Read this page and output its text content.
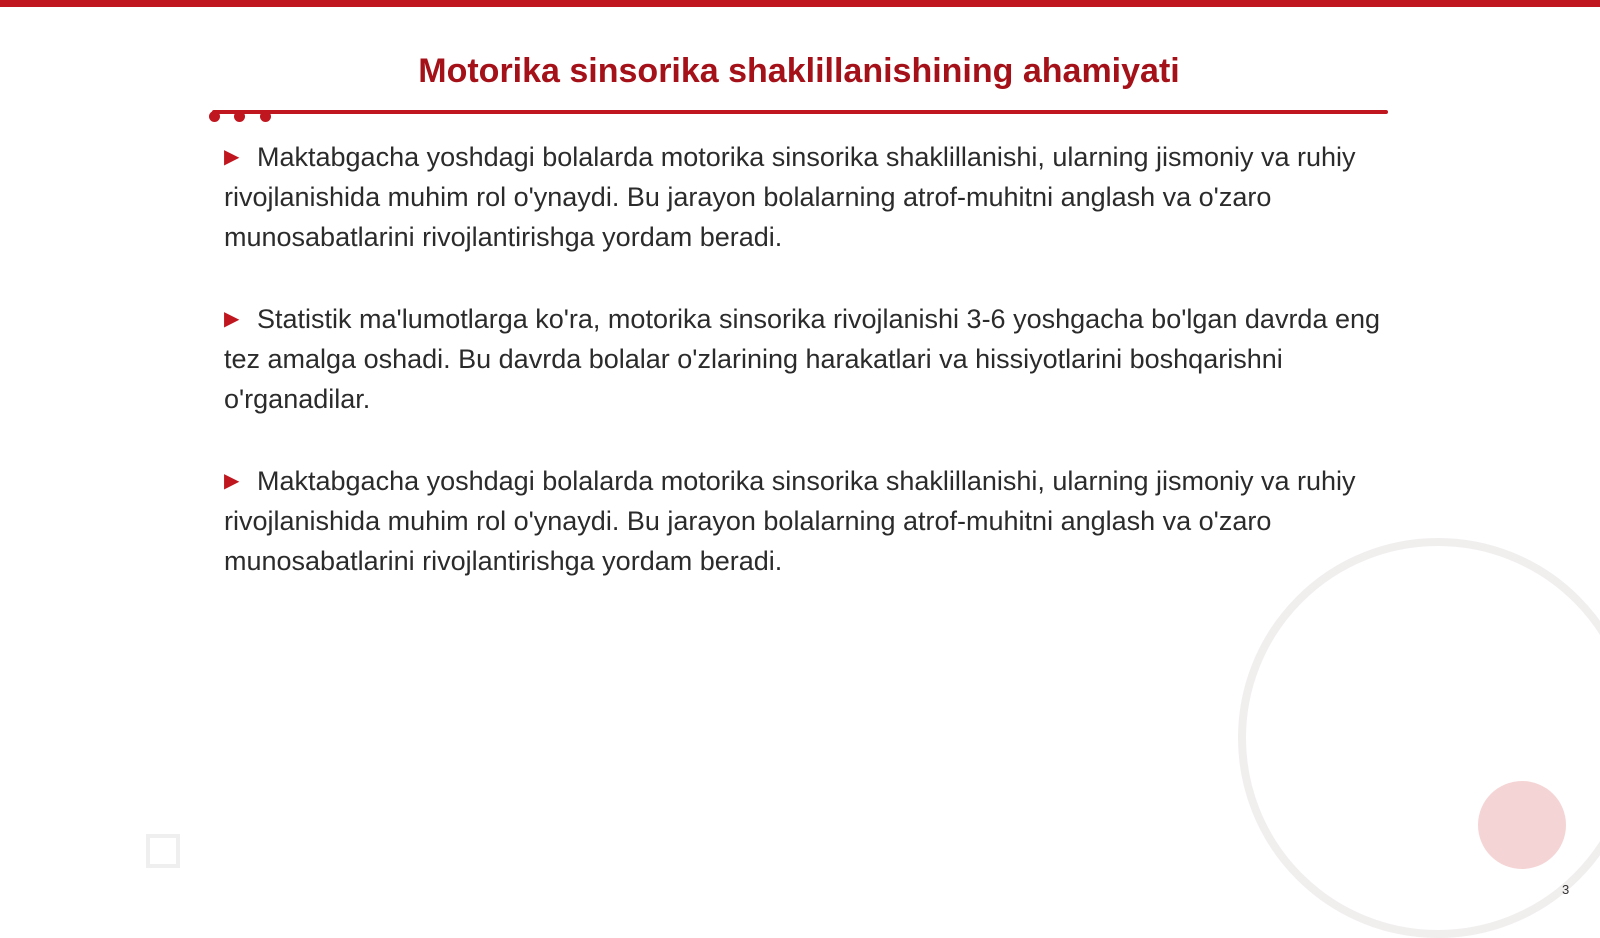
Motorika sinsorika shaklillanishining ahamiyati

▶ Maktabgacha yoshdagi bolalarda motorika sinsorika shaklillanishi, ularning jismoniy va ruhiy rivojlanishida muhim rol o'ynaydi. Bu jarayon bolalarning atrof-muhitni anglash va o'zaro munosabatlarini rivojlantirishga yordam beradi.

▶ Statistik ma'lumotlarga ko'ra, motorika sinsorika rivojlanishi 3-6 yoshgacha bo'lgan davrda eng tez amalga oshadi. Bu davrda bolalar o'zlarining harakatlari va hissiyotlarini boshqarishni o'rganadilar.

▶ Maktabgacha yoshdagi bolalarda motorika sinsorika shaklillanishi, ularning jismoniy va ruhiy rivojlanishida muhim rol o'ynaydi. Bu jarayon bolalarning atrof-muhitni anglash va o'zaro munosabatlarini rivojlantirishga yordam beradi.

3
